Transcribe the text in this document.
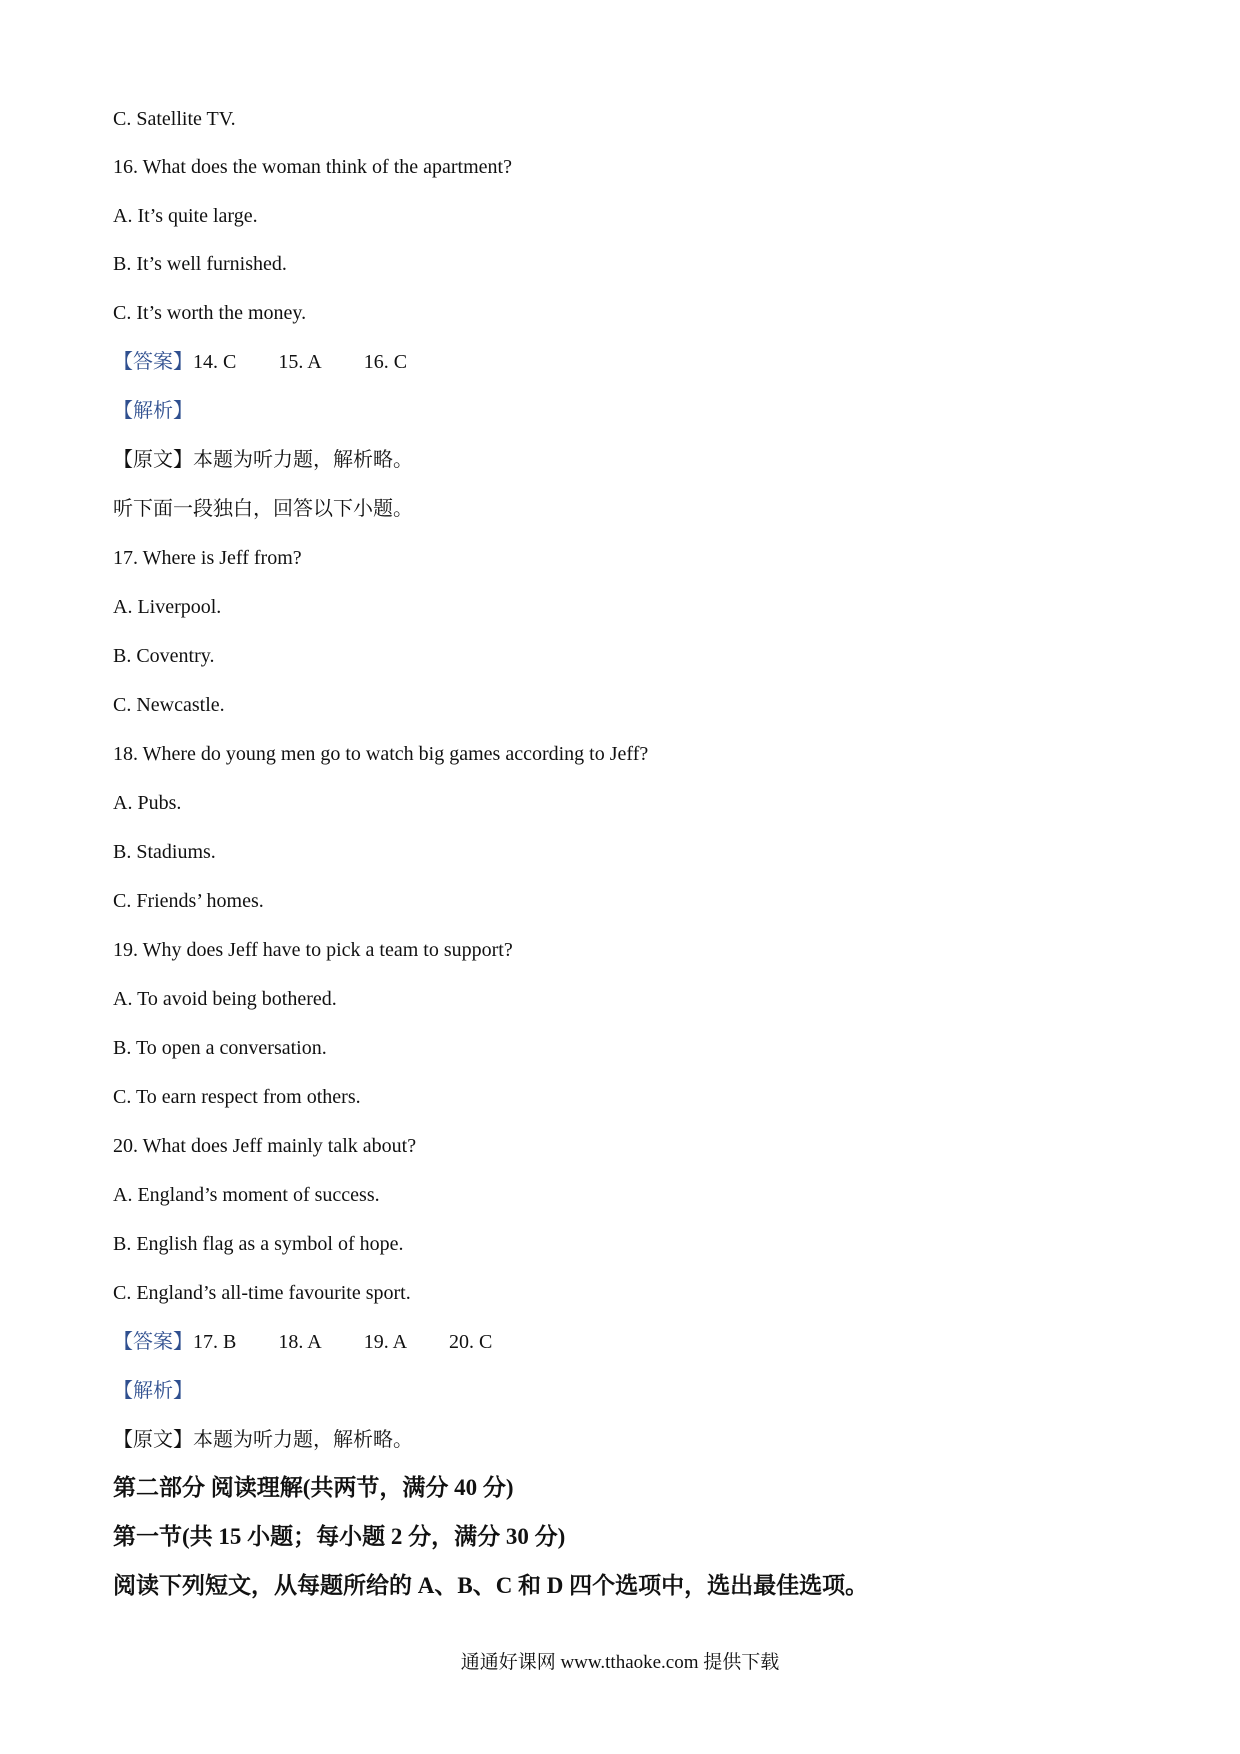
C. Satellite TV.
16. What does the woman think of the apartment?
A. It’s quite large.
B. It’s well furnished.
C. It’s worth the money.
【答案】14. C 15. A 16. C
【解析】
【原文】本题为听力题，解析略。
听下面一段独白，回答以下小题。
17. Where is Jeff from?
A. Liverpool.
B. Coventry.
C. Newcastle.
18. Where do young men go to watch big games according to Jeff?
A. Pubs.
B. Stadiums.
C. Friends’ homes.
19. Why does Jeff have to pick a team to support?
A. To avoid being bothered.
B. To open a conversation.
C. To earn respect from others.
20. What does Jeff mainly talk about?
A. England’s moment of success.
B. English flag as a symbol of hope.
C. England’s all-time favourite sport.
【答案】17. B 18. A 19. A 20. C
【解析】
【原文】本题为听力题，解析略。
第二部分 阅读理解(共两节，满分 40 分)
第一节(共 15 小题；每小题 2 分，满分 30 分)
阅读下列短文，从每题所给的 A、B、C 和 D 四个选项中，选出最佳选项。
通通好课网 www.tthaoke.com 提供下载
